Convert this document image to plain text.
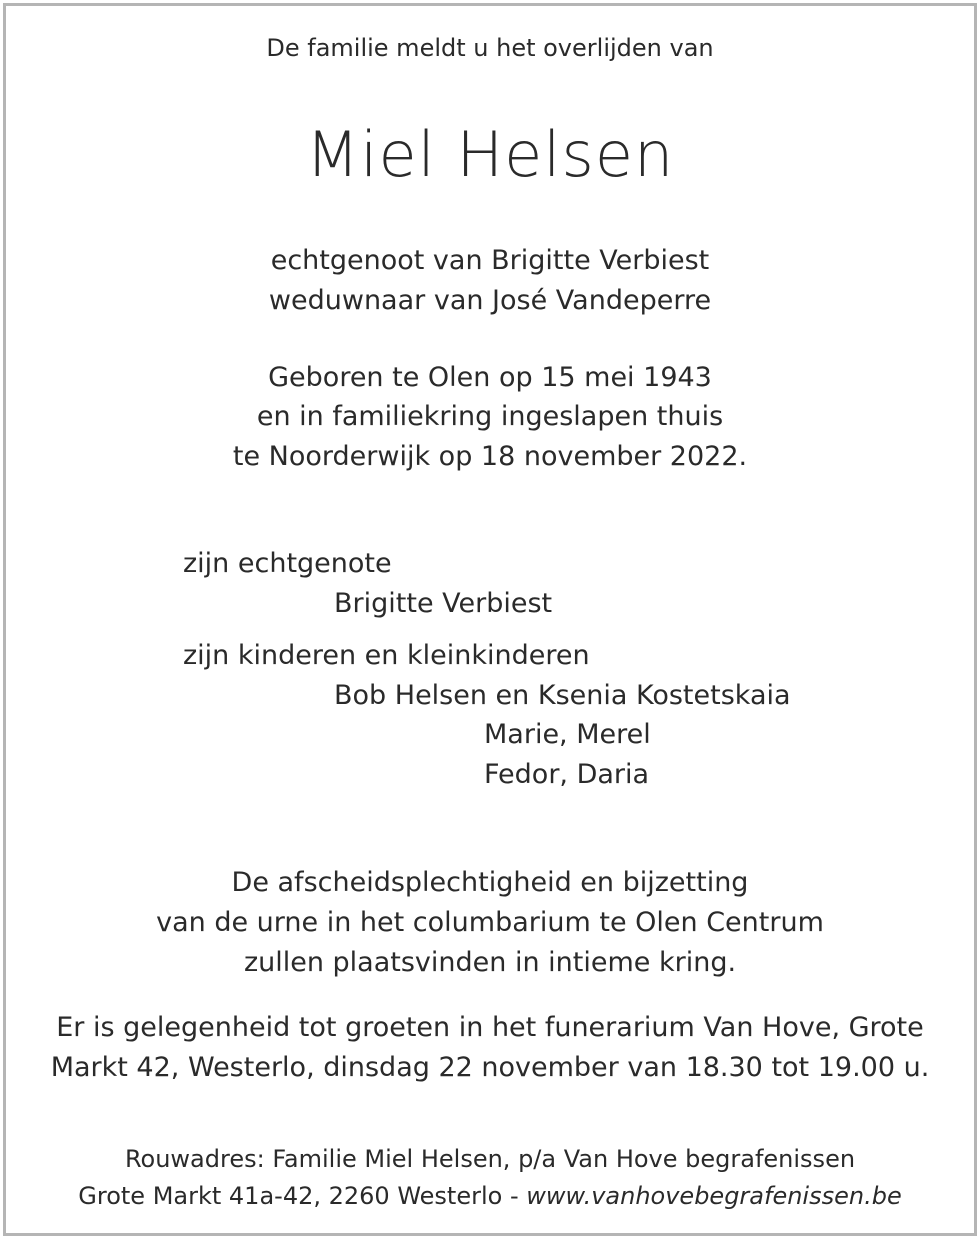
De familie meldt u het overlijden van
Miel Helsen
echtgenoot van Brigitte Verbiest
weduwnaar van José Vandeperre
Geboren te Olen op 15 mei 1943
en in familiekring ingeslapen thuis
te Noorderwijk op 18 november 2022.
zijn echtgenote
Brigitte Verbiest
zijn kinderen en kleinkinderen
Bob Helsen en Ksenia Kostetskaia
Marie, Merel
Fedor, Daria
De afscheidsplechtigheid en bijzetting
van de urne in het columbarium te Olen Centrum
zullen plaatsvinden in intieme kring.
Er is gelegenheid tot groeten in het funerarium Van Hove, Grote
Markt 42, Westerlo, dinsdag 22 november van 18.30 tot 19.00 u.
Rouwadres: Familie Miel Helsen, p/a Van Hove begrafenissen
Grote Markt 41a-42, 2260 Westerlo - www.vanhovebegrafenissen.be
